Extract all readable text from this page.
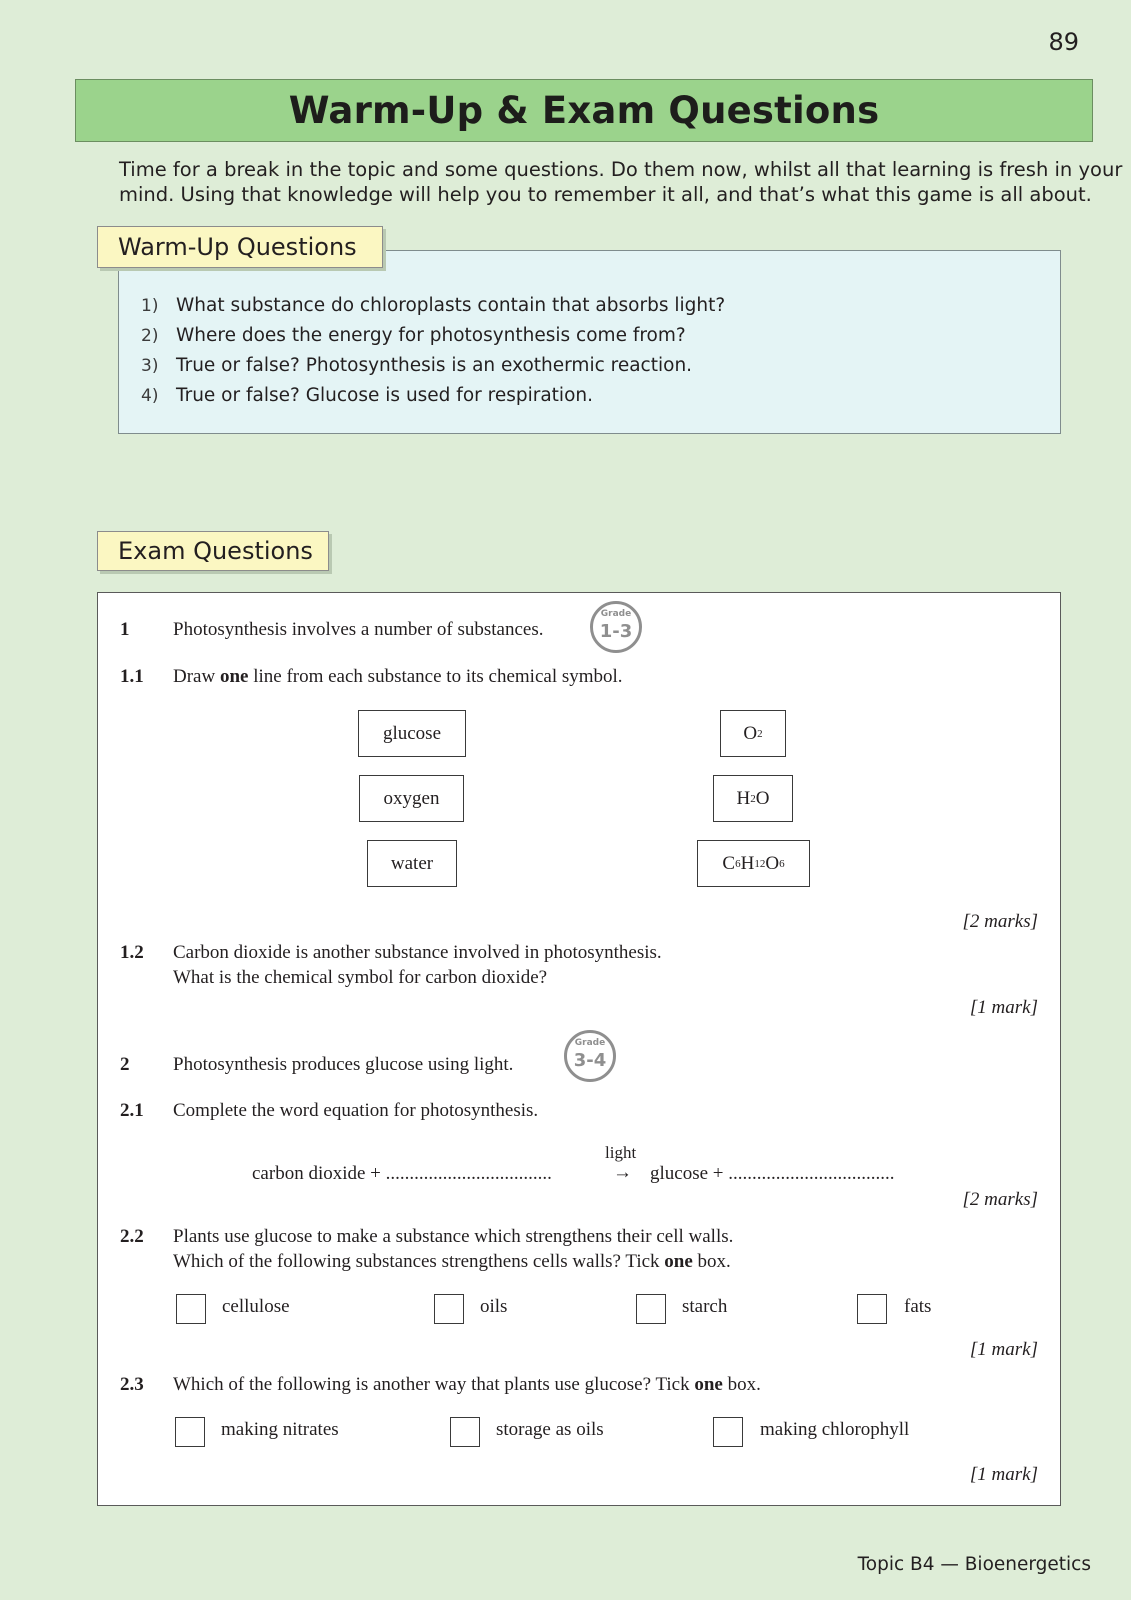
89
Warm-Up & Exam Questions

Time for a break in the topic and some questions. Do them now, whilst all that learning is fresh in your

mind. Using that knowledge will help you to remember it all, and that’s what this game is all about.

1) What substance do chloroplasts contain that absorbs light?
2) Where does the energy for photosynthesis come from?
3) True or false? Photosynthesis is an exothermic reaction.
4) True or false? Glucose is used for respiration.
Warm-Up Questions
Exam Questions
1 Photosynthesis involves a number of substances.
Grade
1-3
1.1 Draw one line from each substance to its chemical symbol.
glucose
oxygen
water
O 2
H 2 O
C 6 H 12 O 6
[2 marks]
1.2 Carbon dioxide is another substance involved in photosynthesis.
What is the chemical symbol for carbon dioxide?
[1 mark]
2 Photosynthesis produces glucose using light.
Grade
3-4
2.1 Complete the word equation for photosynthesis.
carbon dioxide + ...................................
light
→ glucose + ...................................
[2 marks]
2.2 Plants use glucose to make a substance which strengthens their cell walls.
Which of the following substances strengthens cells walls? Tick one box.
cellulose	oils	starch	fats
[1 mark]
2.3 Which of the following is another way that plants use glucose? Tick one box.
making nitrates	storage as oils	making chlorophyll
[1 mark]
Topic B4 — Bioenergetics
